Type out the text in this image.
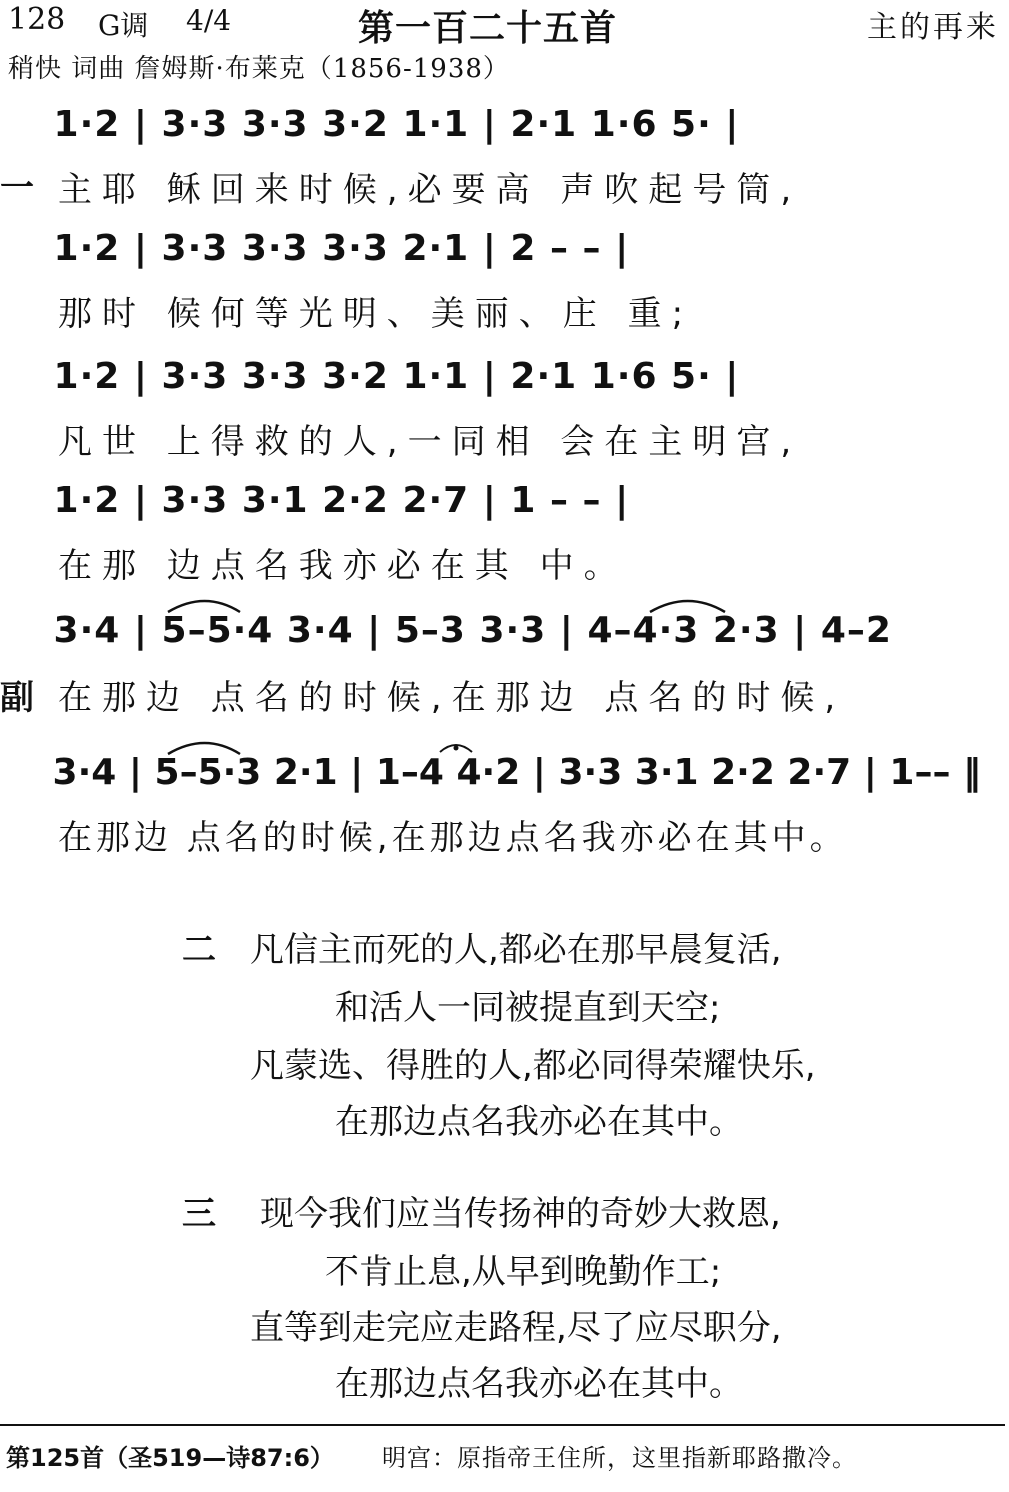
128 G调 4/4	第一百二十五首	主的再来
稍快 词曲 詹姆斯·布莱克（1856-1938）
一
1·2 | 3·3 3·3 3·2 1·1 | 2·1 1·6 5· |
主耶 稣回来时候,必要高 声吹起号筒,
1·2 | 3·3 3·3 3·3 2·1 | 2 – – |
那时 候何等光明、美丽、庄 重;
1·2 | 3·3 3·3 3·2 1·1 | 2·1 1·6 5· |
凡世 上得救的人,一同相 会在主明宫,
1·2 | 3·3 3·1 2·2 2·7 | 1 – – |
在那 边点名我亦必在其 中。
副
3·4 | 5–5·4 3·4 | 5–3 3·3 | 4–4·3 2·3 | 4–2
在那边 点名的时候,在那边 点名的时候,
3·4 | 5–5·3 2·1 | 1–4 4·2 | 3·3 3·1 2·2 2·7 | 1–– ‖
在那边 点名的时候,在那边点名我亦必在其中。
二 凡信主而死的人,都必在那早晨复活,
和活人一同被提直到天空;
凡蒙选、得胜的人,都必同得荣耀快乐,
在那边点名我亦必在其中。
三 现今我们应当传扬神的奇妙大救恩,
不肯止息,从早到晚勤作工;
直等到走完应走路程,尽了应尽职分,
在那边点名我亦必在其中。
第125首（圣519—诗87:6） 明宫：原指帝王住所，这里指新耶路撒冷。
